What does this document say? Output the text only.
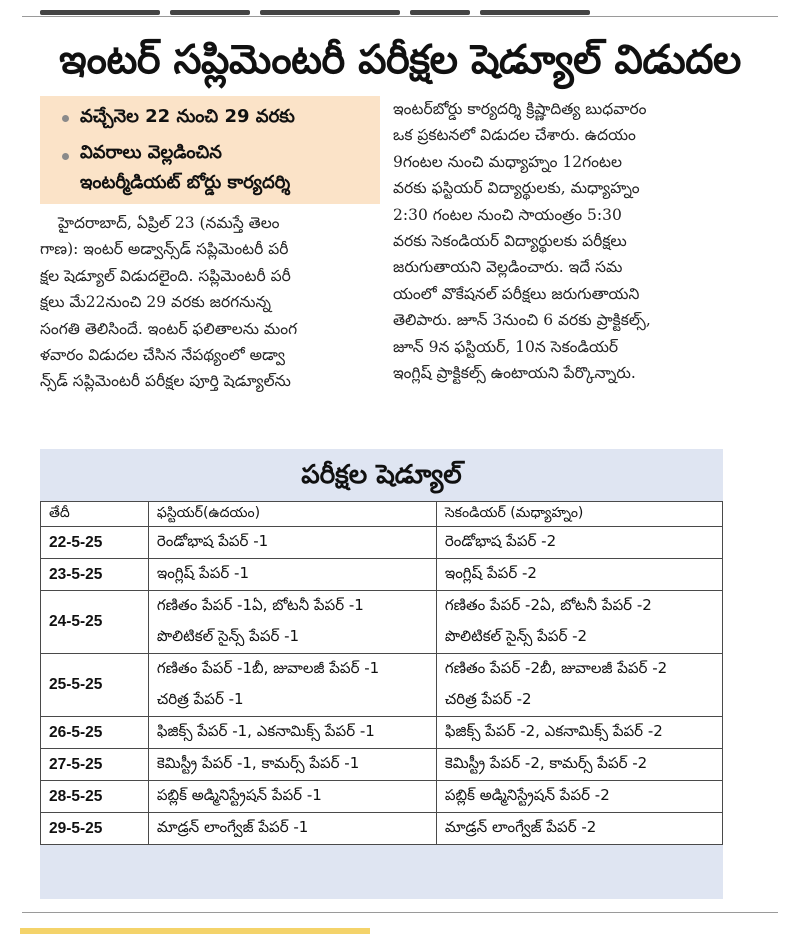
ఇంటర్ సప్లిమెంటరీ పరీక్షల షెడ్యూల్ విడుదల
వచ్చేనెల 22 నుంచి 29 వరకు
వివరాలు వెల్లడించిన
ఇంటర్మీడియట్ బోర్డు కార్యదర్శి

హైదరాబాద్, ఏప్రిల్ 23 (నమస్తే తెలం

గాణ): ఇంటర్ అడ్వాన్స్‌డ్ సప్లిమెంటరీ పరీ

క్షల షెడ్యూల్ విడుదలైంది. సప్లిమెంటరీ పరీ

క్షలు మే22నుంచి 29 వరకు జరగనున్న

సంగతి తెలిసిందే. ఇంటర్ ఫలితాలను మంగ

ళవారం విడుదల చేసిన నేపథ్యంలో అడ్వా

న్స్‌డ్ సప్లిమెంటరీ పరీక్షల పూర్తి షెడ్యూల్‌ను

ఇంటర్‌బోర్డు కార్యదర్శి క్రిష్ణాదిత్య బుధవారం

ఒక ప్రకటనలో విడుదల చేశారు. ఉదయం

9గంటల నుంచి మధ్యాహ్నం 12గంటల

వరకు ఫస్టియర్ విద్యార్థులకు, మధ్యాహ్నం

2:30 గంటల నుంచి సాయంత్రం 5:30

వరకు సెకండియర్ విద్యార్థులకు పరీక్షలు

జరుగుతాయని వెల్లడించారు. ఇదే సమ

యంలో వొకేషనల్ పరీక్షలు జరుగుతాయని

తెలిపారు. జూన్ 3నుంచి 6 వరకు ప్రాక్టికల్స్,

జూన్ 9న ఫస్టియర్, 10న సెకండియర్

ఇంగ్లిష్ ప్రాక్టికల్స్ ఉంటాయని పేర్కొన్నారు.

పరీక్షల షెడ్యూల్
తేదీ	ఫస్టియర్(ఉదయం)	సెకండియర్ (మధ్యాహ్నం)
22-5-25	రెండోభాష పేపర్ -1	రెండోభాష పేపర్ -2
23-5-25	ఇంగ్లిష్ పేపర్ -1	ఇంగ్లిష్ పేపర్ -2
24-5-25	గణితం పేపర్ -1ఏ, బోటనీ పేపర్ -1	గణితం పేపర్ -2ఏ, బోటనీ పేపర్ -2
	పొలిటికల్ సైన్స్ పేపర్ -1	పొలిటికల్ సైన్స్ పేపర్ -2
25-5-25	గణితం పేపర్ -1బీ, జువాలజీ పేపర్ -1	గణితం పేపర్ -2బీ, జువాలజీ పేపర్ -2
	చరిత్ర పేపర్ -1	చరిత్ర పేపర్ -2
26-5-25	ఫిజిక్స్ పేపర్ -1, ఎకనామిక్స్ పేపర్ -1	ఫిజిక్స్ పేపర్ -2, ఎకనామిక్స్ పేపర్ -2
27-5-25	కెమిస్ట్రీ పేపర్ -1, కామర్స్ పేపర్ -1	కెమిస్ట్రీ పేపర్ -2, కామర్స్ పేపర్ -2
28-5-25	పబ్లిక్ అడ్మినిస్ట్రేషన్ పేపర్ -1	పబ్లిక్ అడ్మినిస్ట్రేషన్ పేపర్ -2
29-5-25	మాడ్రన్ లాంగ్వేజ్ పేపర్ -1	మాడ్రన్ లాంగ్వేజ్ పేపర్ -2
